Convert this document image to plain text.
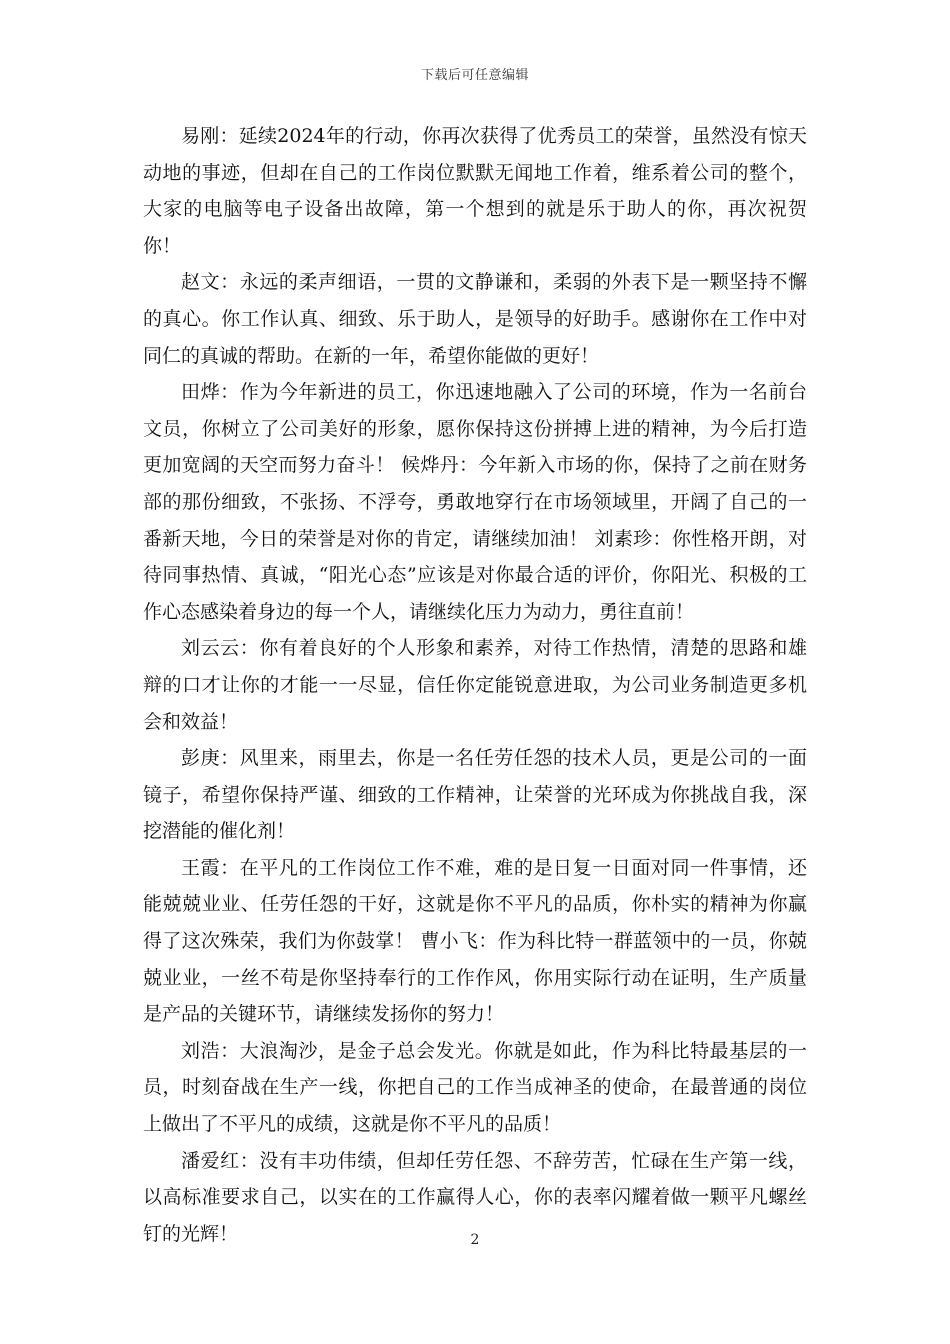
下载后可任意编辑

易刚：延续2024年的行动，你再次获得了优秀员工的荣誉，虽然没有惊天动地的事迹，但却在自己的工作岗位默默无闻地工作着，维系着公司的整个，大家的电脑等电子设备出故障，第一个想到的就是乐于助人的你，再次祝贺你！

赵文：永远的柔声细语，一贯的文静谦和，柔弱的外表下是一颗坚持不懈的真心。你工作认真、细致、乐于助人，是领导的好助手。感谢你在工作中对同仁的真诚的帮助。在新的一年，希望你能做的更好！

田烨：作为今年新进的员工，你迅速地融入了公司的环境，作为一名前台文员，你树立了公司美好的形象，愿你保持这份拼搏上进的精神，为今后打造更加宽阔的天空而努力奋斗！ 候烨丹：今年新入市场的你，保持了之前在财务部的那份细致，不张扬、不浮夸，勇敢地穿行在市场领域里，开阔了自己的一番新天地，今日的荣誉是对你的肯定，请继续加油！ 刘素珍：你性格开朗，对待同事热情、真诚，“阳光心态”应该是对你最合适的评价，你阳光、积极的工作心态感染着身边的每一个人，请继续化压力为动力，勇往直前！

刘云云：你有着良好的个人形象和素养，对待工作热情，清楚的思路和雄辩的口才让你的才能一一尽显，信任你定能锐意进取，为公司业务制造更多机会和效益！

彭庚：风里来，雨里去，你是一名任劳任怨的技术人员，更是公司的一面镜子，希望你保持严谨、细致的工作精神，让荣誉的光环成为你挑战自我，深挖潜能的催化剂！

王霞：在平凡的工作岗位工作不难，难的是日复一日面对同一件事情，还能兢兢业业、任劳任怨的干好，这就是你不平凡的品质，你朴实的精神为你赢得了这次殊荣，我们为你鼓掌！ 曹小飞：作为科比特一群蓝领中的一员，你兢兢业业，一丝不苟是你坚持奉行的工作作风，你用实际行动在证明，生产质量是产品的关键环节，请继续发扬你的努力！

刘浩：大浪淘沙，是金子总会发光。你就是如此，作为科比特最基层的一员，时刻奋战在生产一线，你把自己的工作当成神圣的使命，在最普通的岗位上做出了不平凡的成绩，这就是你不平凡的品质！

潘爱红：没有丰功伟绩，但却任劳任怨、不辞劳苦，忙碌在生产第一线，以高标准要求自己，以实在的工作赢得人心，你的表率闪耀着做一颗平凡螺丝钉的光辉！	2
